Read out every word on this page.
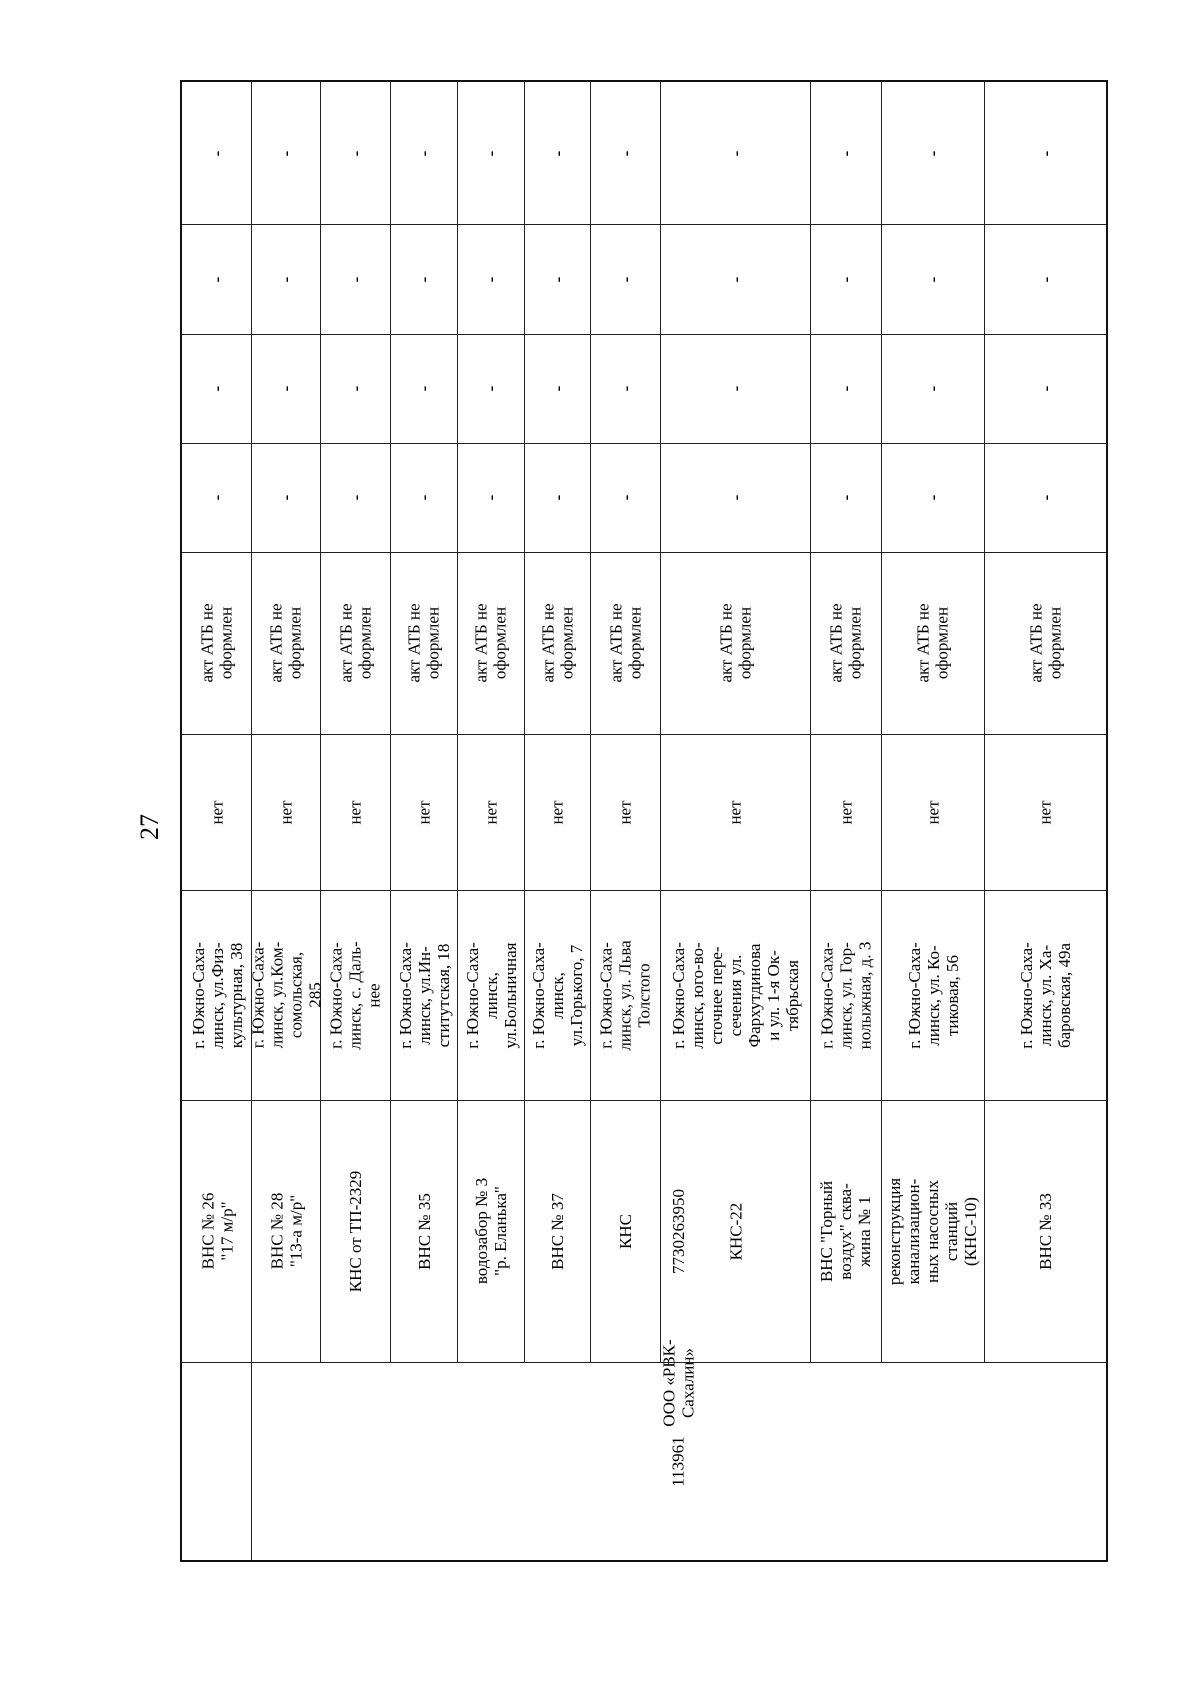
27
113961
ООО «РВК- Сахалин»
7730263950
-
-
-
-
акт АТБ не оформлен
нет
г. Южно-Саха- линск, ул.Физ- культурная, 38
ВНС № 26 "17 м/р"
-
-
-
-
акт АТБ не оформлен
нет
г. Южно-Саха- линск, ул.Ком- сомольская, 285
ВНС № 28 "13-а м/р"
-
-
-
-
акт АТБ не оформлен
нет
г. Южно-Саха- линск, с. Даль- нее
КНС от ТП-2329
-
-
-
-
акт АТБ не оформлен
нет
г. Южно-Саха- линск, ул.Ин- ститутская, 18
ВНС № 35
-
-
-
-
акт АТБ не оформлен
нет
г. Южно-Саха- линск, ул.Больничная
водозабор № 3 "р. Еланька"
-
-
-
-
акт АТБ не оформлен
нет
г. Южно-Саха- линск, ул.Горького, 7
ВНС № 37
-
-
-
-
акт АТБ не оформлен
нет
г. Южно-Саха- линск, ул. Льва Толстого
КНС
-
-
-
-
акт АТБ не оформлен
нет
г. Южно-Саха- линск, юго-во- сточнее пере- сечения ул. Фархутдинова и ул. 1-я Ок- тябрьская
КНС-22
-
-
-
-
акт АТБ не оформлен
нет
г. Южно-Саха- линск, ул. Гор- нолыжная, д. 3
ВНС "Горный воздух" сква- жина № 1
-
-
-
-
акт АТБ не оформлен
нет
г. Южно-Саха- линск, ул. Ко- тиковая, 56
реконструкция канализацион- ных насосных станций (КНС-10)
-
-
-
-
акт АТБ не оформлен
нет
г. Южно-Саха- линск, ул. Ха- баровская, 49а
ВНС № 33
